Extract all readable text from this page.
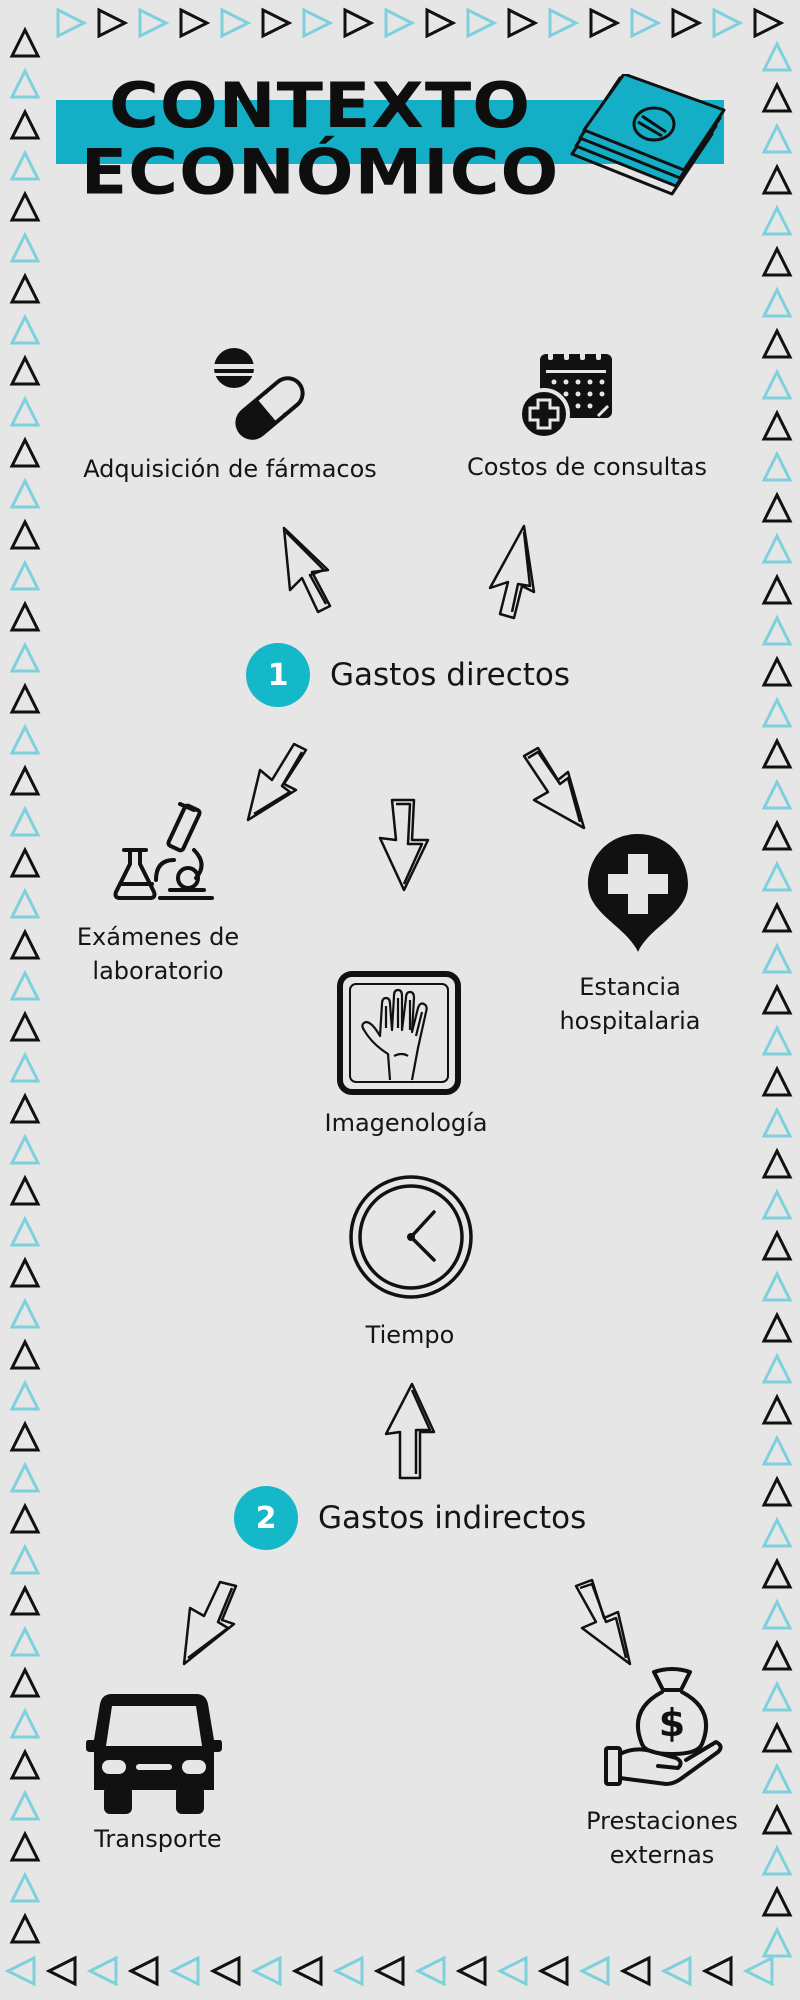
CONTEXTO
ECONÓMICO
Adquisición de fármacos	Costos de consultas
1	Gastos directos
Exámenes de
laboratorio
Estancia hospitalaria
Imagenología
Tiempo
2	Gastos indirectos
Transporte
$
Prestaciones
externas
